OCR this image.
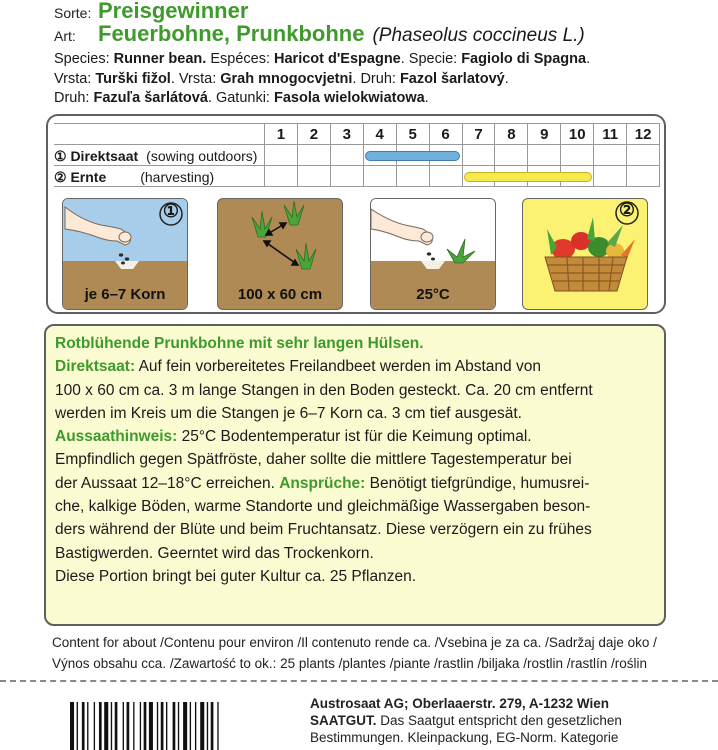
Sorte: Preisgewinner
Art:	Feuerbohne, Prunkbohne (Phaseolus coccineus L.)
Species: Runner bean. Espéces: Haricot d'Espagne. Specie: Fagiolo di Spagna.
Vrsta: Turški fižol. Vrsta: Grah mnogocvjetni. Druh: Fazol šarlatový.
Druh: Fazuľa šarlátová. Gatunki: Fasola wielokwiatowa.
1	2	3	4	5	6	7	8	9	10	11	12
① Direktsaat (sowing outdoors)
② Ernte (harvesting)
①
je 6–7 Korn	100 x 60 cm	25°C
②

Rotblühende Prunkbohne mit sehr langen Hülsen.

Direktsaat: Auf fein vorbereitetes Freilandbeet werden im Abstand von

100 x 60 cm ca. 3 m lange Stangen in den Boden gesteckt. Ca. 20 cm entfernt

werden im Kreis um die Stangen je 6–7 Korn ca. 3 cm tief ausgesät.

Aussaathinweis: 25°C Bodentemperatur ist für die Keimung optimal.

Empfindlich gegen Spätfröste, daher sollte die mittlere Tagestemperatur bei

der Aussaat 12–18°C erreichen. Ansprüche: Benötigt tiefgründige, humusrei-

che, kalkige Böden, warme Standorte und gleichmäßige Wassergaben beson-

ders während der Blüte und beim Fruchtansatz. Diese verzögern ein zu frühes

Bastigwerden. Geerntet wird das Trockenkorn.

Diese Portion bringt bei guter Kultur ca. 25 Pflanzen.

Content for about /Contenu pour environ /Il contenuto rende ca. /Vsebina je za ca. /Sadržaj daje oko /
Výnos obsahu cca. /Zawartość to ok.: 25 plants /plantes /piante /rastlin /biljaka /rostlin /rastlín /roślin
Austrosaat AG; Oberlaaerstr. 279, A-1232 Wien
SAATGUT. Das Saatgut entspricht den gesetzlichen
Bestimmungen. Kleinpackung, EG-Norm. Kategorie
